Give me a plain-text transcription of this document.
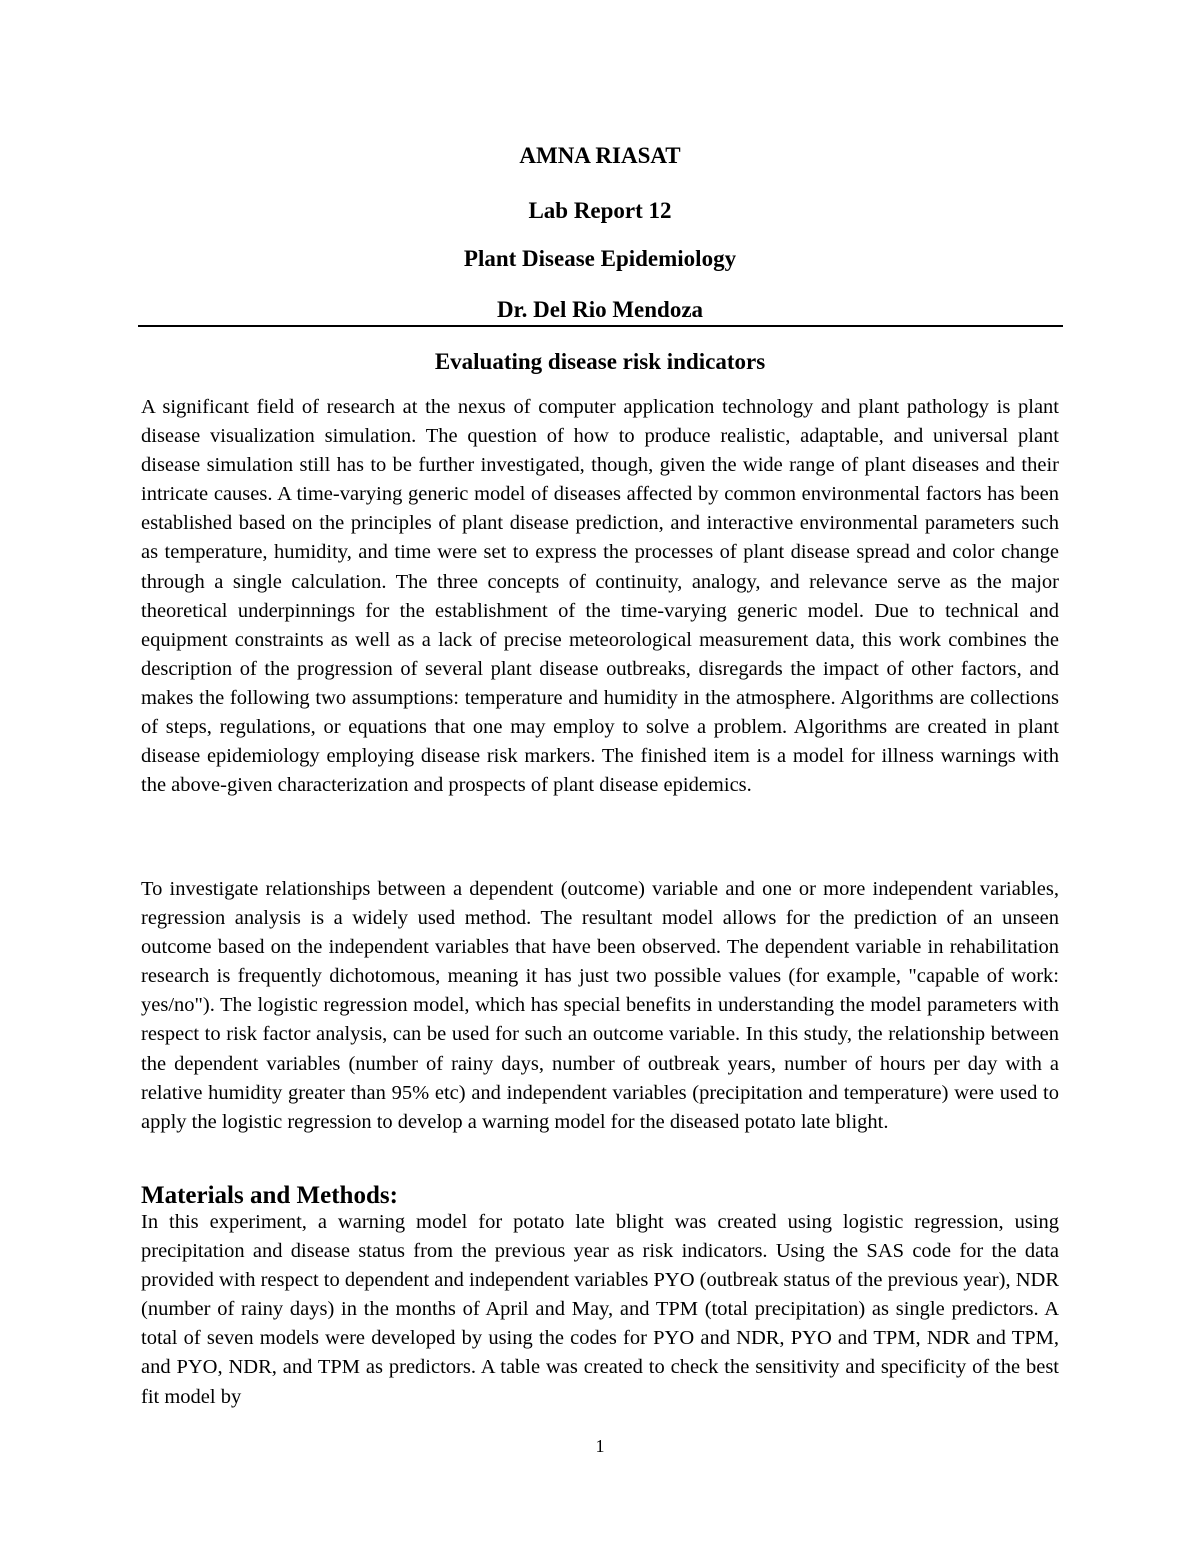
AMNA RIASAT
Lab Report 12
Plant Disease Epidemiology
Dr. Del Rio Mendoza
Evaluating disease risk indicators

A significant field of research at the nexus of computer application technology and plant pathology is plant disease visualization simulation. The question of how to produce realistic, adaptable, and universal plant disease simulation still has to be further investigated, though, given the wide range of plant diseases and their intricate causes. A time-varying generic model of diseases affected by common environmental factors has been established based on the principles of plant disease prediction, and interactive environmental parameters such as temperature, humidity, and time were set to express the processes of plant disease spread and color change through a single calculation. The three concepts of continuity, analogy, and relevance serve as the major theoretical underpinnings for the establishment of the time-varying generic model. Due to technical and equipment constraints as well as a lack of precise meteorological measurement data, this work combines the description of the progression of several plant disease outbreaks, disregards the impact of other factors, and makes the following two assumptions: temperature and humidity in the atmosphere. Algorithms are collections of steps, regulations, or equations that one may employ to solve a problem. Algorithms are created in plant disease epidemiology employing disease risk markers. The finished item is a model for illness warnings with the above-given characterization and prospects of plant disease epidemics.

To investigate relationships between a dependent (outcome) variable and one or more independent variables, regression analysis is a widely used method. The resultant model allows for the prediction of an unseen outcome based on the independent variables that have been observed. The dependent variable in rehabilitation research is frequently dichotomous, meaning it has just two possible values (for example, "capable of work: yes/no"). The logistic regression model, which has special benefits in understanding the model parameters with respect to risk factor analysis, can be used for such an outcome variable. In this study, the relationship between the dependent variables (number of rainy days, number of outbreak years, number of hours per day with a relative humidity greater than 95% etc) and independent variables (precipitation and temperature) were used to apply the logistic regression to develop a warning model for the diseased potato late blight.

Materials and Methods:

In this experiment, a warning model for potato late blight was created using logistic regression, using precipitation and disease status from the previous year as risk indicators. Using the SAS code for the data provided with respect to dependent and independent variables PYO (outbreak status of the previous year), NDR (number of rainy days) in the months of April and May, and TPM (total precipitation) as single predictors. A total of seven models were developed by using the codes for PYO and NDR, PYO and TPM, NDR and TPM, and PYO, NDR, and TPM as predictors. A table was created to check the sensitivity and specificity of the best fit model by

1
